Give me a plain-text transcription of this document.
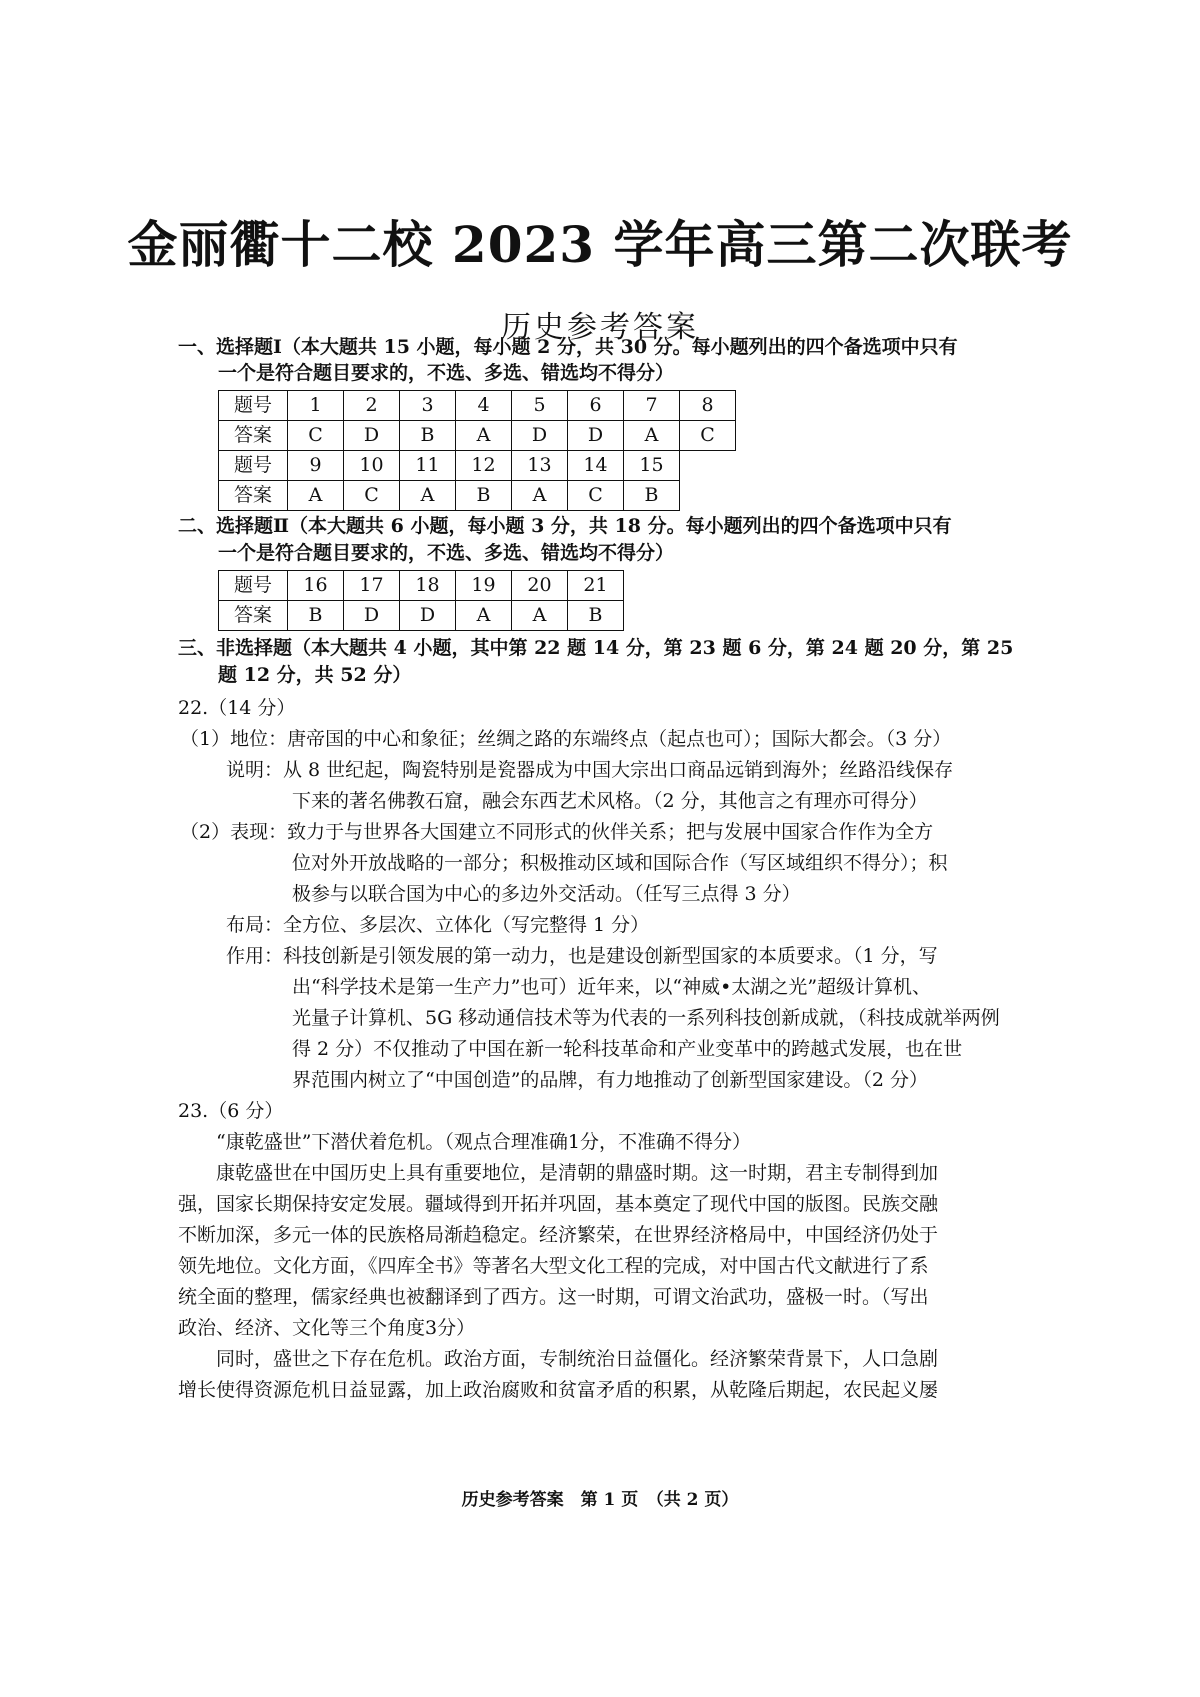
金丽衢十二校 2023 学年高三第二次联考
历史参考答案
一、选择题Ⅰ（本大题共 15 小题，每小题 2 分，共 30 分。每小题列出的四个备选项中只有
一个是符合题目要求的，不选、多选、错选均不得分）
题号	1	2	3	4	5	6	7	8
答案	C	D	B	A	D	D	A	C
题号	9	10	11	12	13	14	15	
答案	A	C	A	B	A	C	B	
二、选择题Ⅱ（本大题共 6 小题，每小题 3 分，共 18 分。每小题列出的四个备选项中只有
一个是符合题目要求的，不选、多选、错选均不得分）
题号	16	17	18	19	20	21
答案	B	D	D	A	A	B
三、非选择题（本大题共 4 小题，其中第 22 题 14 分，第 23 题 6 分，第 24 题 20 分，第 25
题 12 分，共 52 分）
22.（14 分）
（1）地位：唐帝国的中心和象征；丝绸之路的东端终点（起点也可）；国际大都会。（3 分）
说明：从 8 世纪起，陶瓷特别是瓷器成为中国大宗出口商品远销到海外；丝路沿线保存
下来的著名佛教石窟，融会东西艺术风格。（2 分，其他言之有理亦可得分）
（2）表现：致力于与世界各大国建立不同形式的伙伴关系；把与发展中国家合作作为全方
位对外开放战略的一部分；积极推动区域和国际合作（写区域组织不得分）；积
极参与以联合国为中心的多边外交活动。（任写三点得 3 分）
布局：全方位、多层次、立体化（写完整得 1 分）
作用：科技创新是引领发展的第一动力，也是建设创新型国家的本质要求。（1 分，写
出“科学技术是第一生产力”也可）近年来，以“神威•太湖之光”超级计算机、
光量子计算机、5G 移动通信技术等为代表的一系列科技创新成就，（科技成就举两例
得 2 分）不仅推动了中国在新一轮科技革命和产业变革中的跨越式发展，也在世
界范围内树立了“中国创造”的品牌，有力地推动了创新型国家建设。（2 分）
23.（6 分）
“康乾盛世”下潜伏着危机。（观点合理准确1分，不准确不得分）
康乾盛世在中国历史上具有重要地位，是清朝的鼎盛时期。这一时期，君主专制得到加
强，国家长期保持安定发展。疆域得到开拓并巩固，基本奠定了现代中国的版图。民族交融
不断加深，多元一体的民族格局渐趋稳定。经济繁荣，在世界经济格局中，中国经济仍处于
领先地位。文化方面，《四库全书》等著名大型文化工程的完成，对中国古代文献进行了系
统全面的整理，儒家经典也被翻译到了西方。这一时期，可谓文治武功，盛极一时。（写出
政治、经济、文化等三个角度3分）
同时，盛世之下存在危机。政治方面，专制统治日益僵化。经济繁荣背景下，人口急剧
增长使得资源危机日益显露，加上政治腐败和贫富矛盾的积累，从乾隆后期起，农民起义屡
历史参考答案　第 1 页　（共 2 页）
